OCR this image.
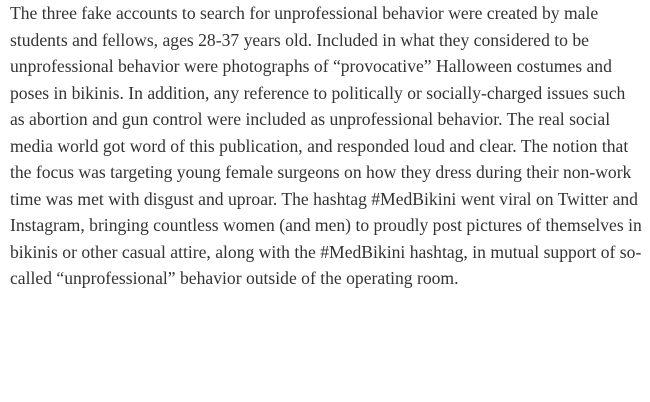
The three fake accounts to search for unprofessional behavior were created by male students and fellows, ages 28-37 years old. Included in what they considered to be unprofessional behavior were photographs of “provocative” Halloween costumes and poses in bikinis. In addition, any reference to politically or socially-charged issues such as abortion and gun control were included as unprofessional behavior. The real social media world got word of this publication, and responded loud and clear. The notion that the focus was targeting young female surgeons on how they dress during their non-work time was met with disgust and uproar. The hashtag #MedBikini went viral on Twitter and Instagram, bringing countless women (and men) to proudly post pictures of themselves in bikinis or other casual attire, along with the #MedBikini hashtag, in mutual support of so-called “unprofessional” behavior outside of the operating room.
